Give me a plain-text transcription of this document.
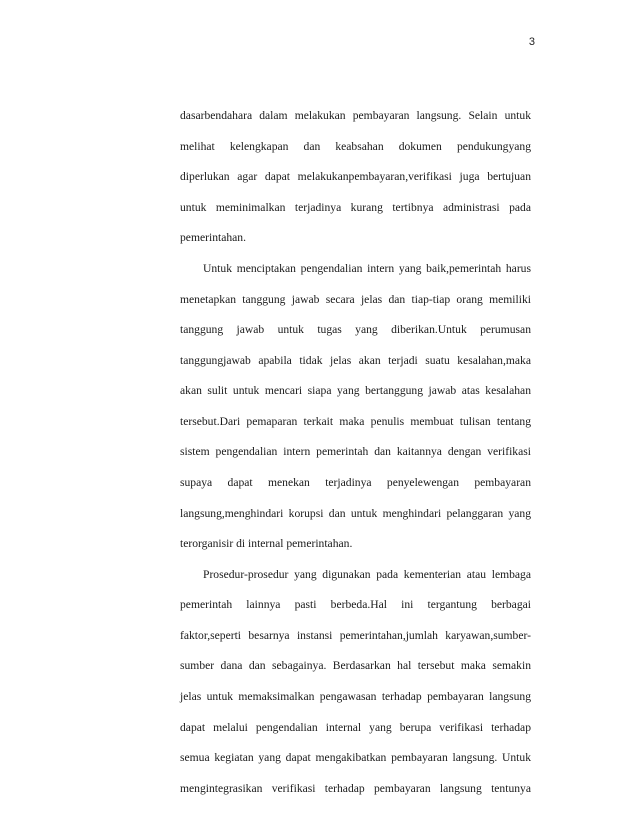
3
dasarbendahara dalam melakukan pembayaran langsung. Selain untuk
melihat kelengkapan dan keabsahan dokumen pendukungyang
diperlukan agar dapat melakukanpembayaran,verifikasi juga bertujuan
untuk meminimalkan terjadinya kurang tertibnya administrasi pada
pemerintahan.
Untuk menciptakan pengendalian intern yang baik,pemerintah harus
menetapkan tanggung jawab secara jelas dan tiap-tiap orang memiliki
tanggung jawab untuk tugas yang diberikan.Untuk perumusan
tanggungjawab apabila tidak jelas akan terjadi suatu kesalahan,maka
akan sulit untuk mencari siapa yang bertanggung jawab atas kesalahan
tersebut.Dari pemaparan terkait maka penulis membuat tulisan tentang
sistem pengendalian intern pemerintah dan kaitannya dengan verifikasi
supaya dapat menekan terjadinya penyelewengan pembayaran
langsung,menghindari korupsi dan untuk menghindari pelanggaran yang
terorganisir di internal pemerintahan.
Prosedur-prosedur yang digunakan pada kementerian atau lembaga
pemerintah lainnya pasti berbeda.Hal ini tergantung berbagai
faktor,seperti besarnya instansi pemerintahan,jumlah karyawan,sumber-
sumber dana dan sebagainya. Berdasarkan hal tersebut maka semakin
jelas untuk memaksimalkan pengawasan terhadap pembayaran langsung
dapat melalui pengendalian internal yang berupa verifikasi terhadap
semua kegiatan yang dapat mengakibatkan pembayaran langsung. Untuk
mengintegrasikan verifikasi terhadap pembayaran langsung tentunya
